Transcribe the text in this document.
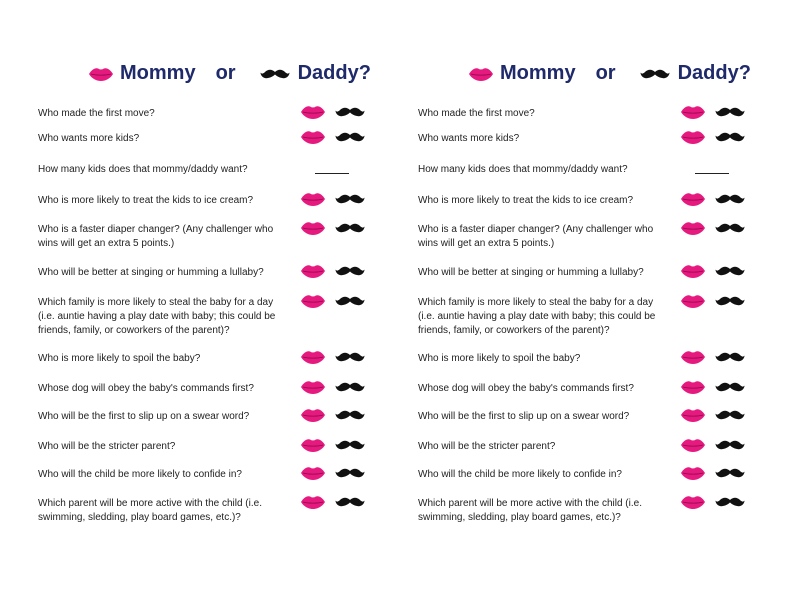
Mommy or	Daddy?
Who made the first move?
Who wants more kids?
How many kids does that mommy/daddy want?
Who is more likely to treat the kids to ice cream?
Who is a faster diaper changer? (Any challenger who wins will get an extra 5 points.)
Who will be better at singing or humming a lullaby?
Which family is more likely to steal the baby for a day (i.e. auntie having a play date with baby; this could be friends, family, or coworkers of the parent)?
Who is more likely to spoil the baby?
Whose dog will obey the baby's commands first?
Who will be the first to slip up on a swear word?
Who will be the stricter parent?
Who will the child be more likely to confide in?
Which parent will be more active with the child (i.e. swimming, sledding, play board games, etc.)?
Mommy or	Daddy?
Who made the first move?
Who wants more kids?
How many kids does that mommy/daddy want?
Who is more likely to treat the kids to ice cream?
Who is a faster diaper changer? (Any challenger who wins will get an extra 5 points.)
Who will be better at singing or humming a lullaby?
Which family is more likely to steal the baby for a day (i.e. auntie having a play date with baby; this could be friends, family, or coworkers of the parent)?
Who is more likely to spoil the baby?
Whose dog will obey the baby's commands first?
Who will be the first to slip up on a swear word?
Who will be the stricter parent?
Who will the child be more likely to confide in?
Which parent will be more active with the child (i.e. swimming, sledding, play board games, etc.)?
